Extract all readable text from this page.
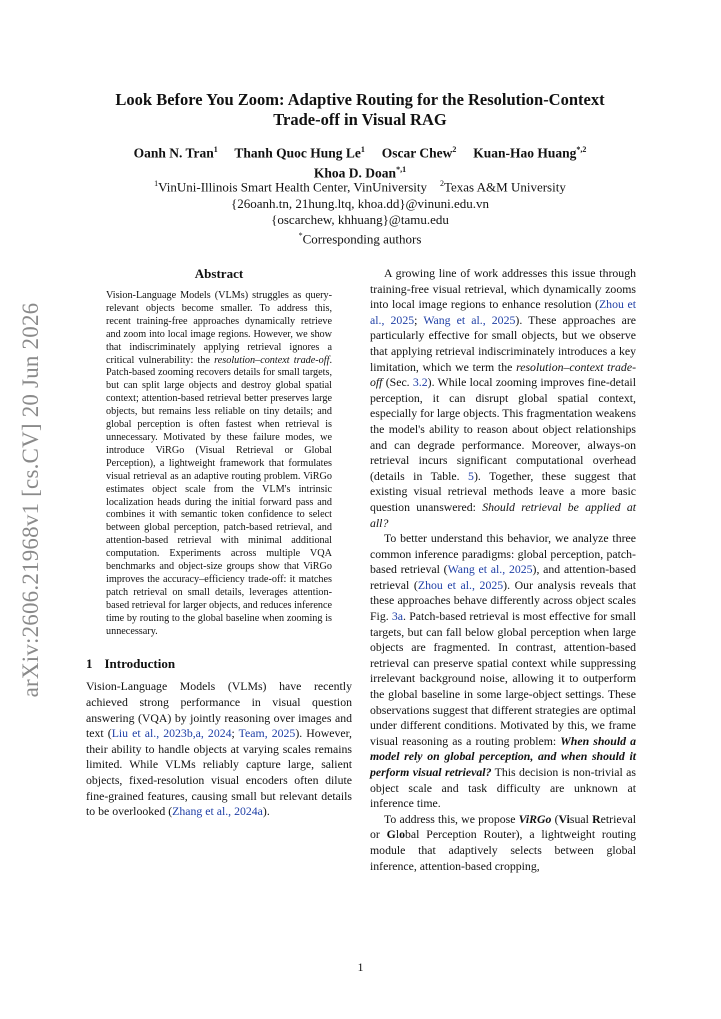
arXiv:2606.21968v1 [cs.CV] 20 Jun 2026
Look Before You Zoom: Adaptive Routing for the Resolution-Context
Trade-off in Visual RAG
Oanh N. Tran$^1$ Thanh Quoc Hung Le$^1$ Oscar Chew$^2$ Kuan-Hao Huang$^{*,2}$
Khoa D. Doan$^{*,1}$
$^1$VinUni-Illinois Smart Health Center, VinUniversity $^2$Texas A&M University
{26oanh.tn, 21hung.ltq, khoa.dd}@vinuni.edu.vn
{oscarchew, khhuang}@tamu.edu
*Corresponding authors
Abstract

Vision-Language Models (VLMs) struggles as query-relevant objects become smaller. To address this, recent training-free approaches dynamically retrieve and zoom into local image regions. However, we show that indiscriminately applying retrieval ignores a critical vulnerability: the resolution–context trade-off. Patch-based zooming recovers details for small targets, but can split large objects and destroy global spatial context; attention-based retrieval better preserves large objects, but remains less reliable on tiny details; and global perception is often fastest when retrieval is unnecessary. Motivated by these failure modes, we introduce ViRGo (Visual Retrieval or Global Perception), a lightweight framework that formulates visual retrieval as an adaptive routing problem. ViRGo estimates object scale from the VLM's intrinsic localization heads during the initial forward pass and combines it with semantic token confidence to select between global perception, patch-based retrieval, and attention-based retrieval with minimal additional computation. Experiments across multiple VQA benchmarks and object-size groups show that ViRGo improves the accuracy–efficiency trade-off: it matches patch retrieval on small details, leverages attention-based retrieval for larger objects, and reduces inference time by routing to the global baseline when zooming is unnecessary.

1 Introduction

Vision-Language Models (VLMs) have recently achieved strong performance in visual question answering (VQA) by jointly reasoning over images and text (Liu et al., 2023b,a, 2024; Team, 2025). However, their ability to handle objects at varying scales remains limited. While VLMs reliably capture large, salient objects, fixed-resolution visual encoders often dilute fine-grained features, causing small but relevant details to be overlooked (Zhang et al., 2024a).

A growing line of work addresses this issue through training-free visual retrieval, which dynamically zooms into local image regions to enhance resolution (Zhou et al., 2025; Wang et al., 2025). These approaches are particularly effective for small objects, but we observe that applying retrieval indiscriminately introduces a key limitation, which we term the resolution–context trade-off (Sec. 3.2). While local zooming improves fine-detail perception, it can disrupt global spatial context, especially for large objects. This fragmentation weakens the model's ability to reason about object relationships and can degrade performance. Moreover, always-on retrieval incurs significant computational overhead (details in Table. 5). Together, these suggest that existing visual retrieval methods leave a more basic question unanswered: Should retrieval be applied at all?

To better understand this behavior, we analyze three common inference paradigms: global perception, patch-based retrieval (Wang et al., 2025), and attention-based retrieval (Zhou et al., 2025). Our analysis reveals that these approaches behave differently across object scales Fig. 3a. Patch-based retrieval is most effective for small targets, but can fall below global perception when large objects are fragmented. In contrast, attention-based retrieval can preserve spatial context while suppressing irrelevant background noise, allowing it to outperform the global baseline in some large-object settings. These observations suggest that different strategies are optimal under different conditions. Motivated by this, we frame visual reasoning as a routing problem: When should a model rely on global perception, and when should it perform visual retrieval? This decision is non-trivial as object scale and task difficulty are unknown at inference time.

To address this, we propose ViRGo (Visual Retrieval or Global Perception Router), a lightweight routing module that adaptively selects between global inference, attention-based cropping,

1
